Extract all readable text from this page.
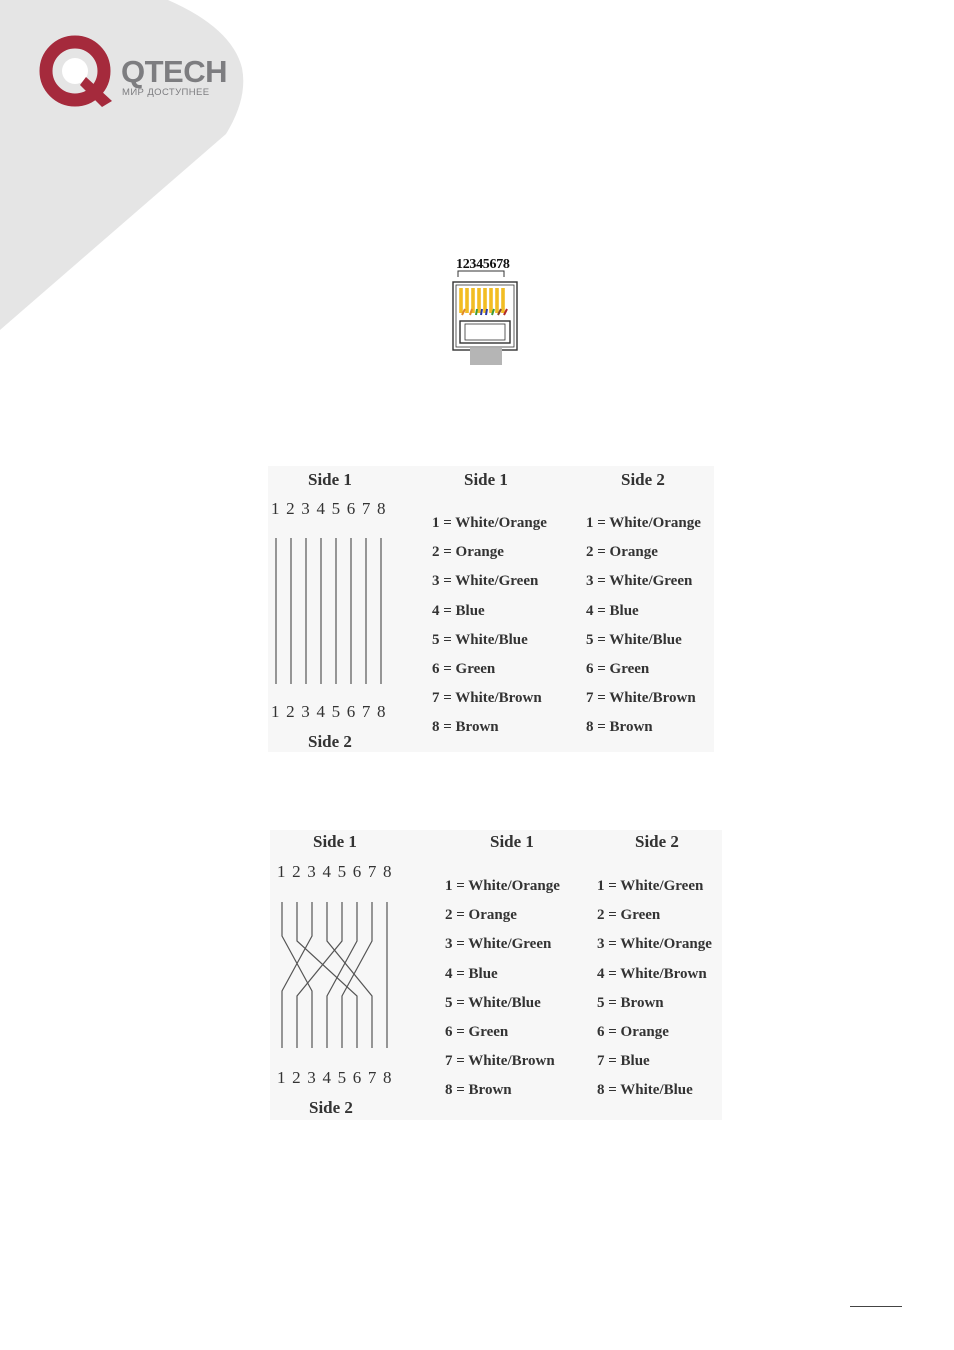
QTECH
МИР ДОСТУПНЕЕ
12345678
Side 1
1 2 3 4 5 6 7 8
1 2 3 4 5 6 7 8
Side 2
Side 1	Side 2
1 = White/Orange
2 = Orange
3 = White/Green
4 = Blue
5 = White/Blue
6 = Green
7 = White/Brown
8 = Brown
1 = White/Orange
2 = Orange
3 = White/Green
4 = Blue
5 = White/Blue
6 = Green
7 = White/Brown
8 = Brown
Side 1
1 2 3 4 5 6 7 8
1 2 3 4 5 6 7 8
Side 2
Side 1	Side 2
1 = White/Orange
2 = Orange
3 = White/Green
4 = Blue
5 = White/Blue
6 = Green
7 = White/Brown
8 = Brown
1 = White/Green
2 = Green
3 = White/Orange
4 = White/Brown
5 = Brown
6 = Orange
7 = Blue
8 = White/Blue
